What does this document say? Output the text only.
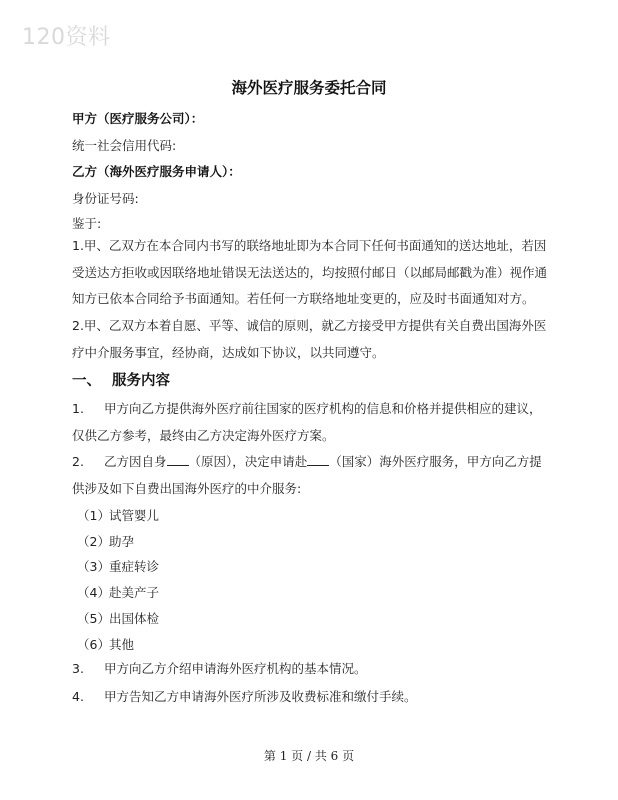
120资料
海外医疗服务委托合同
甲方（医疗服务公司）：
统一社会信用代码:
乙方（海外医疗服务申请人）：
身份证号码:
鉴于:
1.甲、乙双方在本合同内书写的联络地址即为本合同下任何书面通知的送达地址，若因受送达方拒收或因联络地址错误无法送达的，均按照付邮日（以邮局邮戳为准）视作通知方已依本合同给予书面通知。若任何一方联络地址变更的，应及时书面通知对方。
2.甲、乙双方本着自愿、平等、诚信的原则，就乙方接受甲方提供有关自费出国海外医疗中介服务事宜，经协商，达成如下协议，以共同遵守。
一、 服务内容
1. 甲方向乙方提供海外医疗前往国家的医疗机构的信息和价格并提供相应的建议，仅供乙方参考，最终由乙方决定海外医疗方案。
2. 乙方因自身 （原因），决定申请赴 （国家）海外医疗服务，甲方向乙方提供涉及如下自费出国海外医疗的中介服务:
（1）试管婴儿
（2）助孕
（3）重症转诊
（4）赴美产子
（5）出国体检
（6）其他
3. 甲方向乙方介绍申请海外医疗机构的基本情况。
4. 甲方告知乙方申请海外医疗所涉及收费标准和缴付手续。
第 1 页 / 共 6 页
